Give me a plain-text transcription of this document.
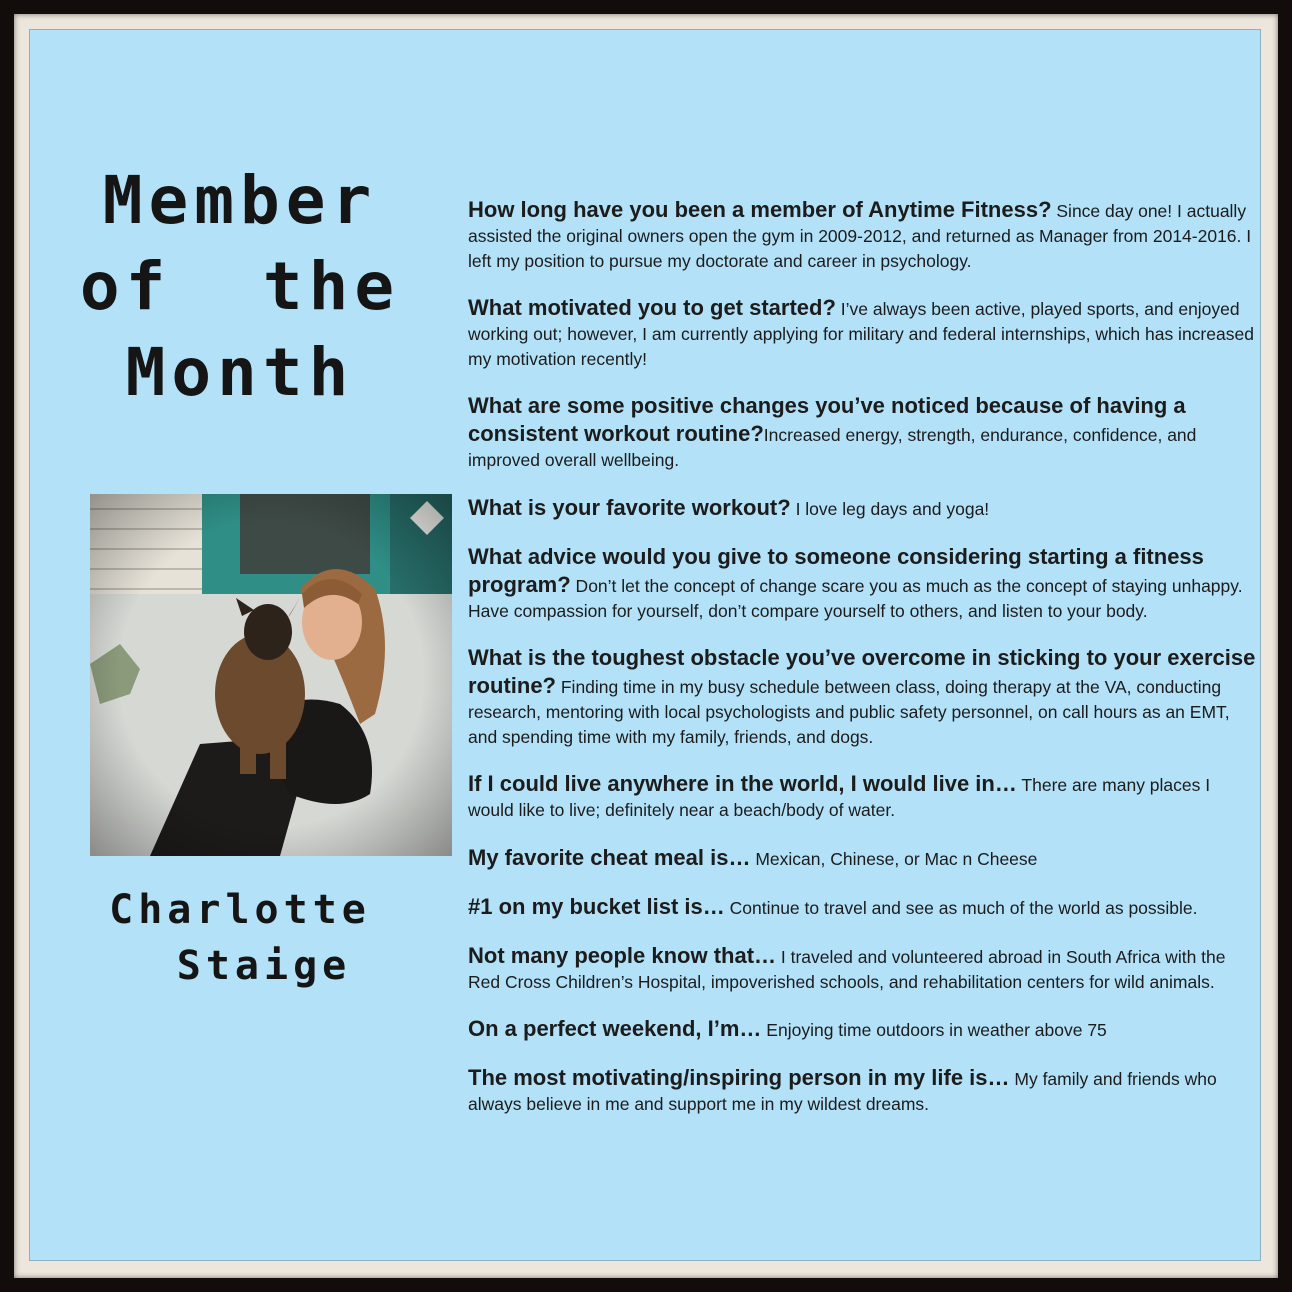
Member
of  the
Month
Charlotte
Staige

How long have you been a member of Anytime Fitness? Since day one! I actually assisted the original owners open the gym in 2009-2012, and returned as Manager from 2014-2016. I left my position to pursue my doctorate and career in psychology.

What motivated you to get started? I’ve always been active, played sports, and enjoyed working out; however, I am currently applying for military and federal internships, which has increased my motivation recently!

What are some positive changes you’ve noticed because of having a consistent workout routine?Increased energy, strength, endurance, confidence, and improved overall wellbeing.

What is your favorite workout? I love leg days and yoga!

What advice would you give to someone considering starting a fitness program? Don’t let the concept of change scare you as much as the concept of staying unhappy. Have compassion for yourself, don’t compare yourself to others, and listen to your body.

What is the toughest obstacle you’ve overcome in sticking to your exercise routine? Finding time in my busy schedule between class, doing therapy at the VA, conducting research, mentoring with local psychologists and public safety personnel, on call hours as an EMT, and spending time with my family, friends, and dogs.

If I could live anywhere in the world, I would live in… There are many places I would like to live; definitely near a beach/body of water.

My favorite cheat meal is… Mexican, Chinese, or Mac n Cheese

#1 on my bucket list is… Continue to travel and see as much of the world as possible.

Not many people know that… I traveled and volunteered abroad in South Africa with the Red Cross Children’s Hospital, impoverished schools, and rehabilitation centers for wild animals.

On a perfect weekend, I’m… Enjoying time outdoors in weather above 75

The most motivating/inspiring person in my life is… My family and friends who always believe in me and support me in my wildest dreams.
